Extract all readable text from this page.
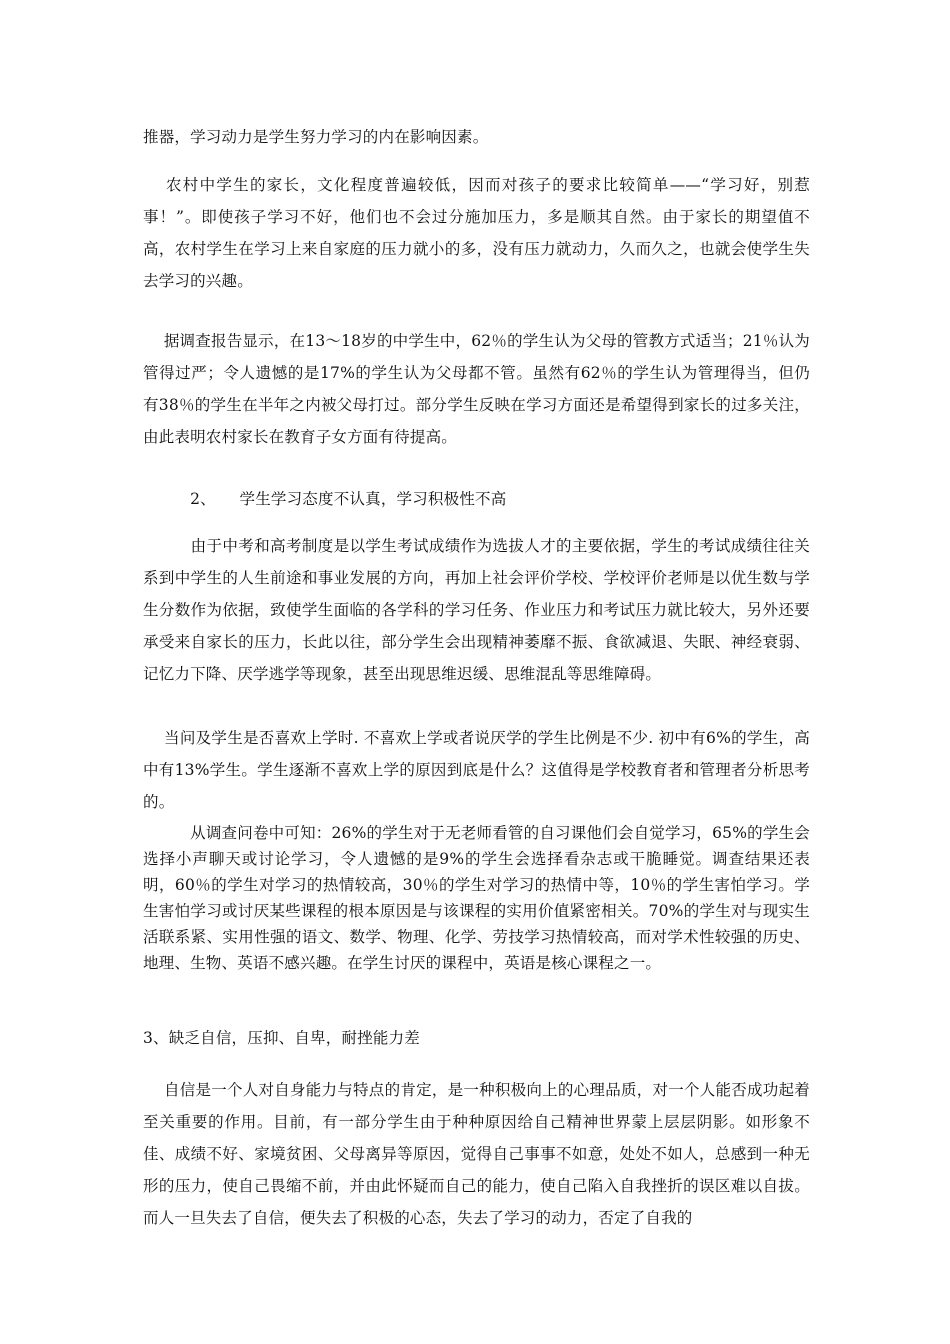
推器，学习动力是学生努力学习的内在影响因素。

　 农村中学生的家长，文化程度普遍较低，因而对孩子的要求比较简单——“学习好，别惹事！”。即使孩子学习不好，他们也不会过分施加压力，多是顺其自然。由于家长的期望值不高，农村学生在学习上来自家庭的压力就小的多，没有压力就动力，久而久之，也就会使学生失去学习的兴趣。

　 据调查报告显示，在13～18岁的中学生中，62％的学生认为父母的管教方式适当；21％认为管得过严；令人遗憾的是17%的学生认为父母都不管。虽然有62％的学生认为管理得当，但仍有38％的学生在半年之内被父母打过。部分学生反映在学习方面还是希望得到家长的过多关注，由此表明农村家长在教育子女方面有待提高。

　　　2、　　学生学习态度不认真，学习积极性不高

　　　由于中考和高考制度是以学生考试成绩作为选拔人才的主要依据，学生的考试成绩往往关系到中学生的人生前途和事业发展的方向，再加上社会评价学校、学校评价老师是以优生数与学生分数作为依据，致使学生面临的各学科的学习任务、作业压力和考试压力就比较大，另外还要承受来自家长的压力，长此以往，部分学生会出现精神萎靡不振、食欲减退、失眠、神经衰弱、记忆力下降、厌学逃学等现象，甚至出现思维迟缓、思维混乱等思维障碍。

　 当问及学生是否喜欢上学时. 不喜欢上学或者说厌学的学生比例是不少. 初中有6%的学生，高中有13%学生。学生逐渐不喜欢上学的原因到底是什么？这值得是学校教育者和管理者分析思考的。

　　　从调查问卷中可知：26%的学生对于无老师看管的自习课他们会自觉学习，65%的学生会选择小声聊天或讨论学习，令人遗憾的是9%的学生会选择看杂志或干脆睡觉。调查结果还表明，60％的学生对学习的热情较高，30％的学生对学习的热情中等，10％的学生害怕学习。学生害怕学习或讨厌某些课程的根本原因是与该课程的实用价值紧密相关。70%的学生对与现实生活联系紧、实用性强的语文、数学、物理、化学、劳技学习热情较高，而对学术性较强的历史、地理、生物、英语不感兴趣。在学生讨厌的课程中，英语是核心课程之一。

3、缺乏自信，压抑、自卑，耐挫能力差

　 自信是一个人对自身能力与特点的肯定，是一种积极向上的心理品质，对一个人能否成功起着至关重要的作用。目前，有一部分学生由于种种原因给自己精神世界蒙上层层阴影。如形象不佳、成绩不好、家境贫困、父母离异等原因，觉得自己事事不如意，处处不如人，总感到一种无形的压力，使自己畏缩不前，并由此怀疑而自己的能力，使自己陷入自我挫折的误区难以自拔。而人一旦失去了自信，便失去了积极的心态，失去了学习的动力，否定了自我的
